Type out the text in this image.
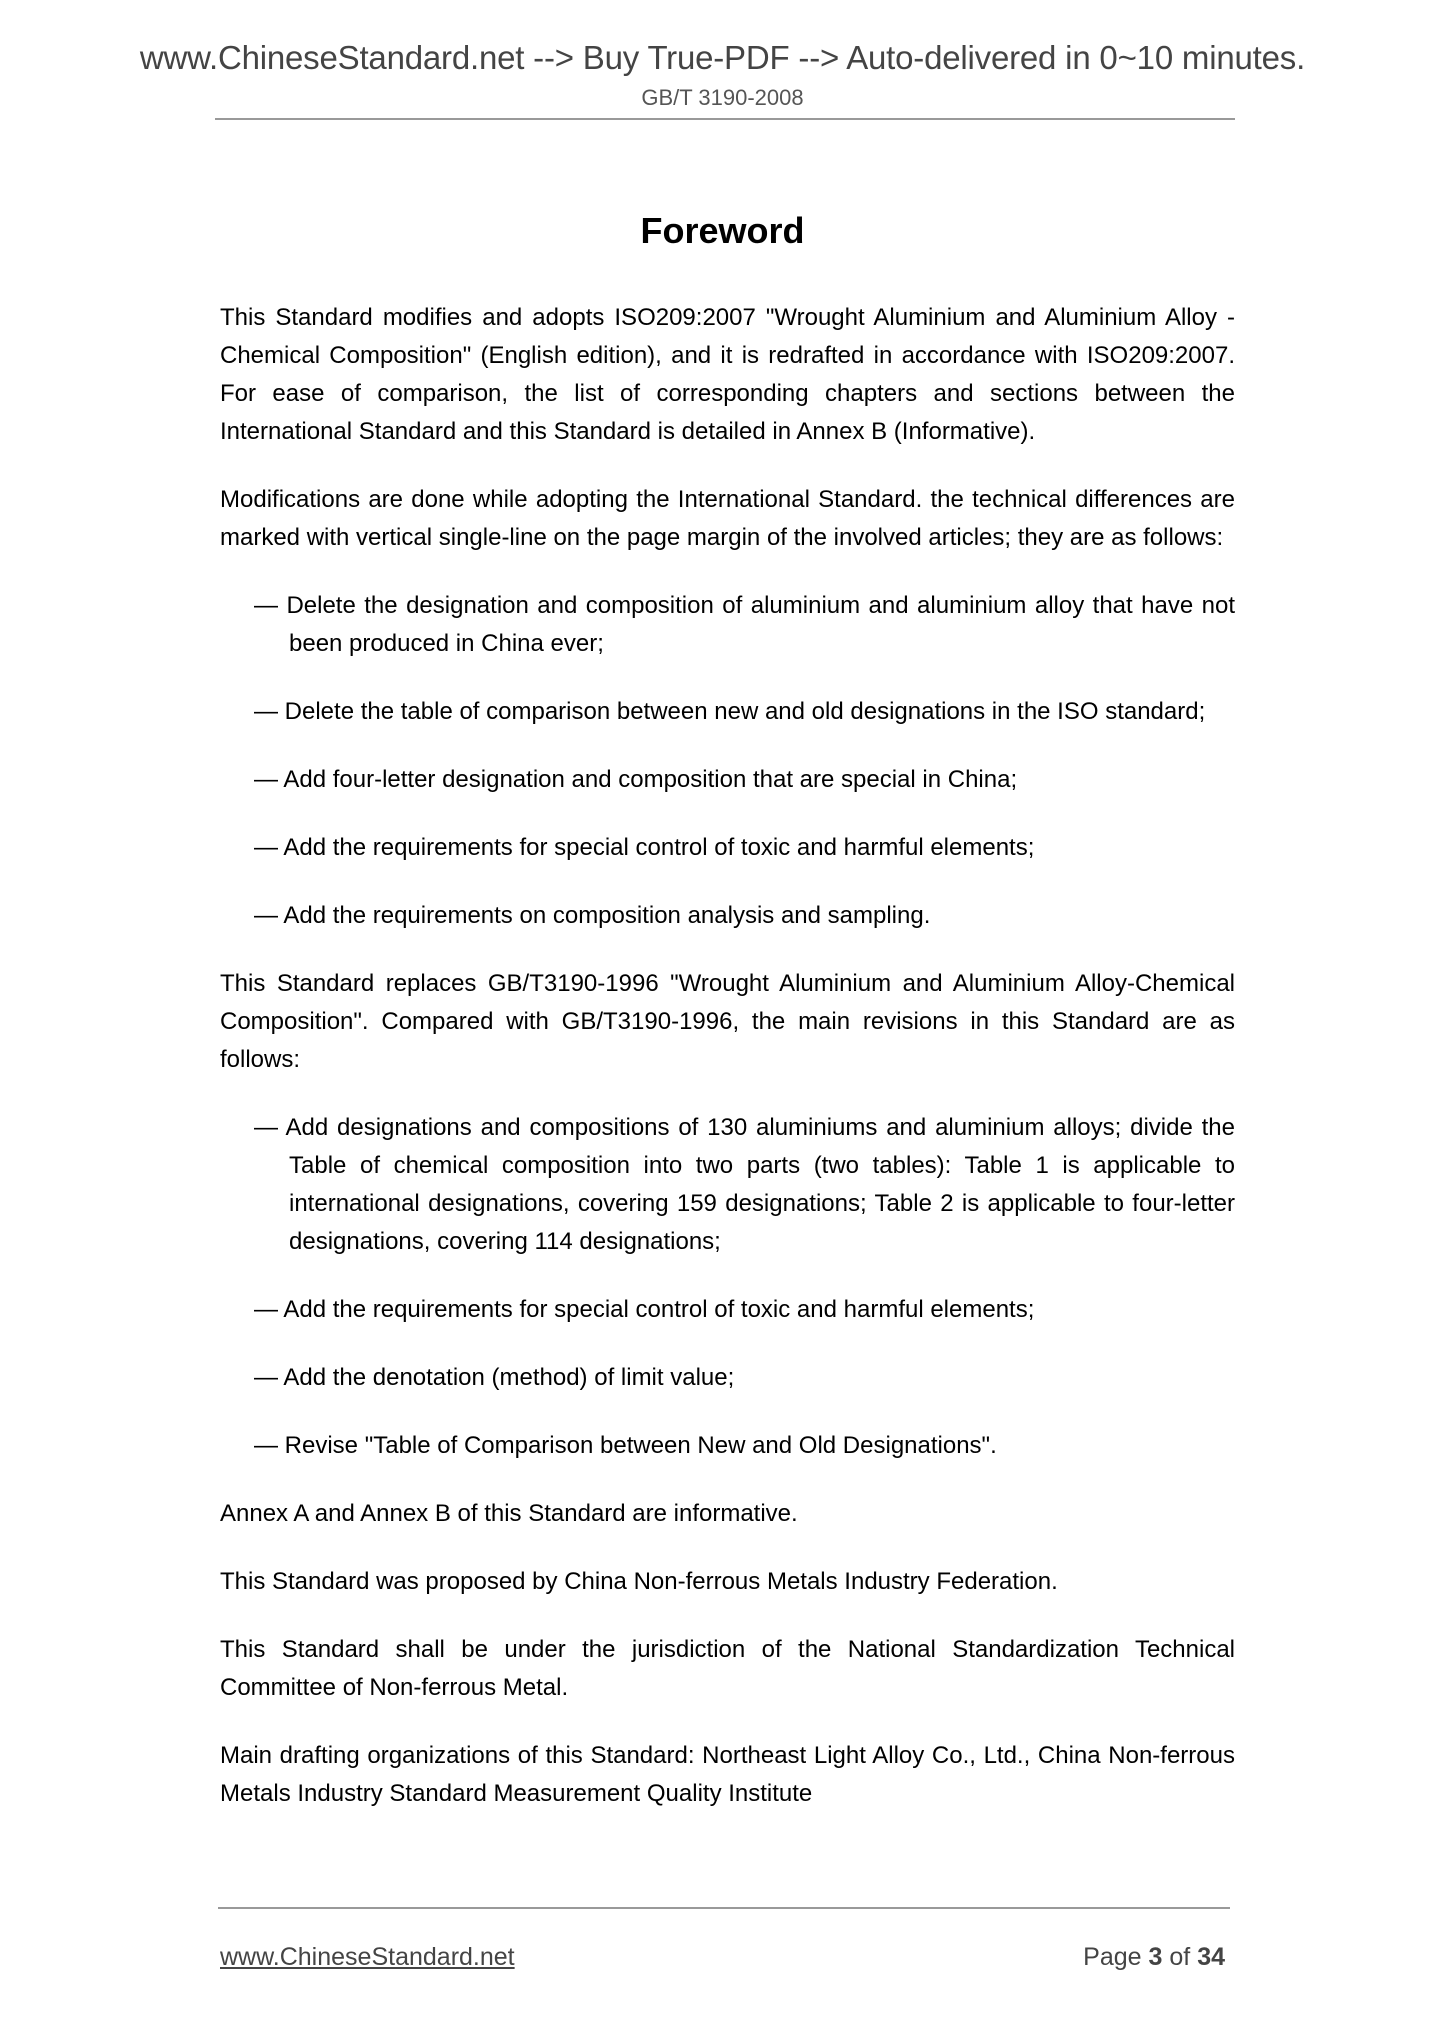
www.ChineseStandard.net --> Buy True-PDF --> Auto-delivered in 0~10 minutes.
GB/T 3190-2008
Foreword

This Standard modifies and adopts ISO209:2007 "Wrought Aluminium and Aluminium Alloy - Chemical Composition" (English edition), and it is redrafted in accordance with ISO209:2007. For ease of comparison, the list of corresponding chapters and sections between the International Standard and this Standard is detailed in Annex B (Informative).

Modifications are done while adopting the International Standard. the technical differences are marked with vertical single-line on the page margin of the involved articles; they are as follows:

— Delete the designation and composition of aluminium and aluminium alloy that have not been produced in China ever;

— Delete the table of comparison between new and old designations in the ISO standard;

— Add four-letter designation and composition that are special in China;

— Add the requirements for special control of toxic and harmful elements;

— Add the requirements on composition analysis and sampling.

This Standard replaces GB/T3190-1996 "Wrought Aluminium and Aluminium Alloy-Chemical Composition". Compared with GB/T3190-1996, the main revisions in this Standard are as follows:

— Add designations and compositions of 130 aluminiums and aluminium alloys; divide the Table of chemical composition into two parts (two tables): Table 1 is applicable to international designations, covering 159 designations; Table 2 is applicable to four-letter designations, covering 114 designations;

— Add the requirements for special control of toxic and harmful elements;

— Add the denotation (method) of limit value;

— Revise "Table of Comparison between New and Old Designations".

Annex A and Annex B of this Standard are informative.

This Standard was proposed by China Non-ferrous Metals Industry Federation.

This Standard shall be under the jurisdiction of the National Standardization Technical Committee of Non-ferrous Metal.

Main drafting organizations of this Standard: Northeast Light Alloy Co., Ltd., China Non-ferrous Metals Industry Standard Measurement Quality Institute

www.ChineseStandard.net	Page 3 of 34
